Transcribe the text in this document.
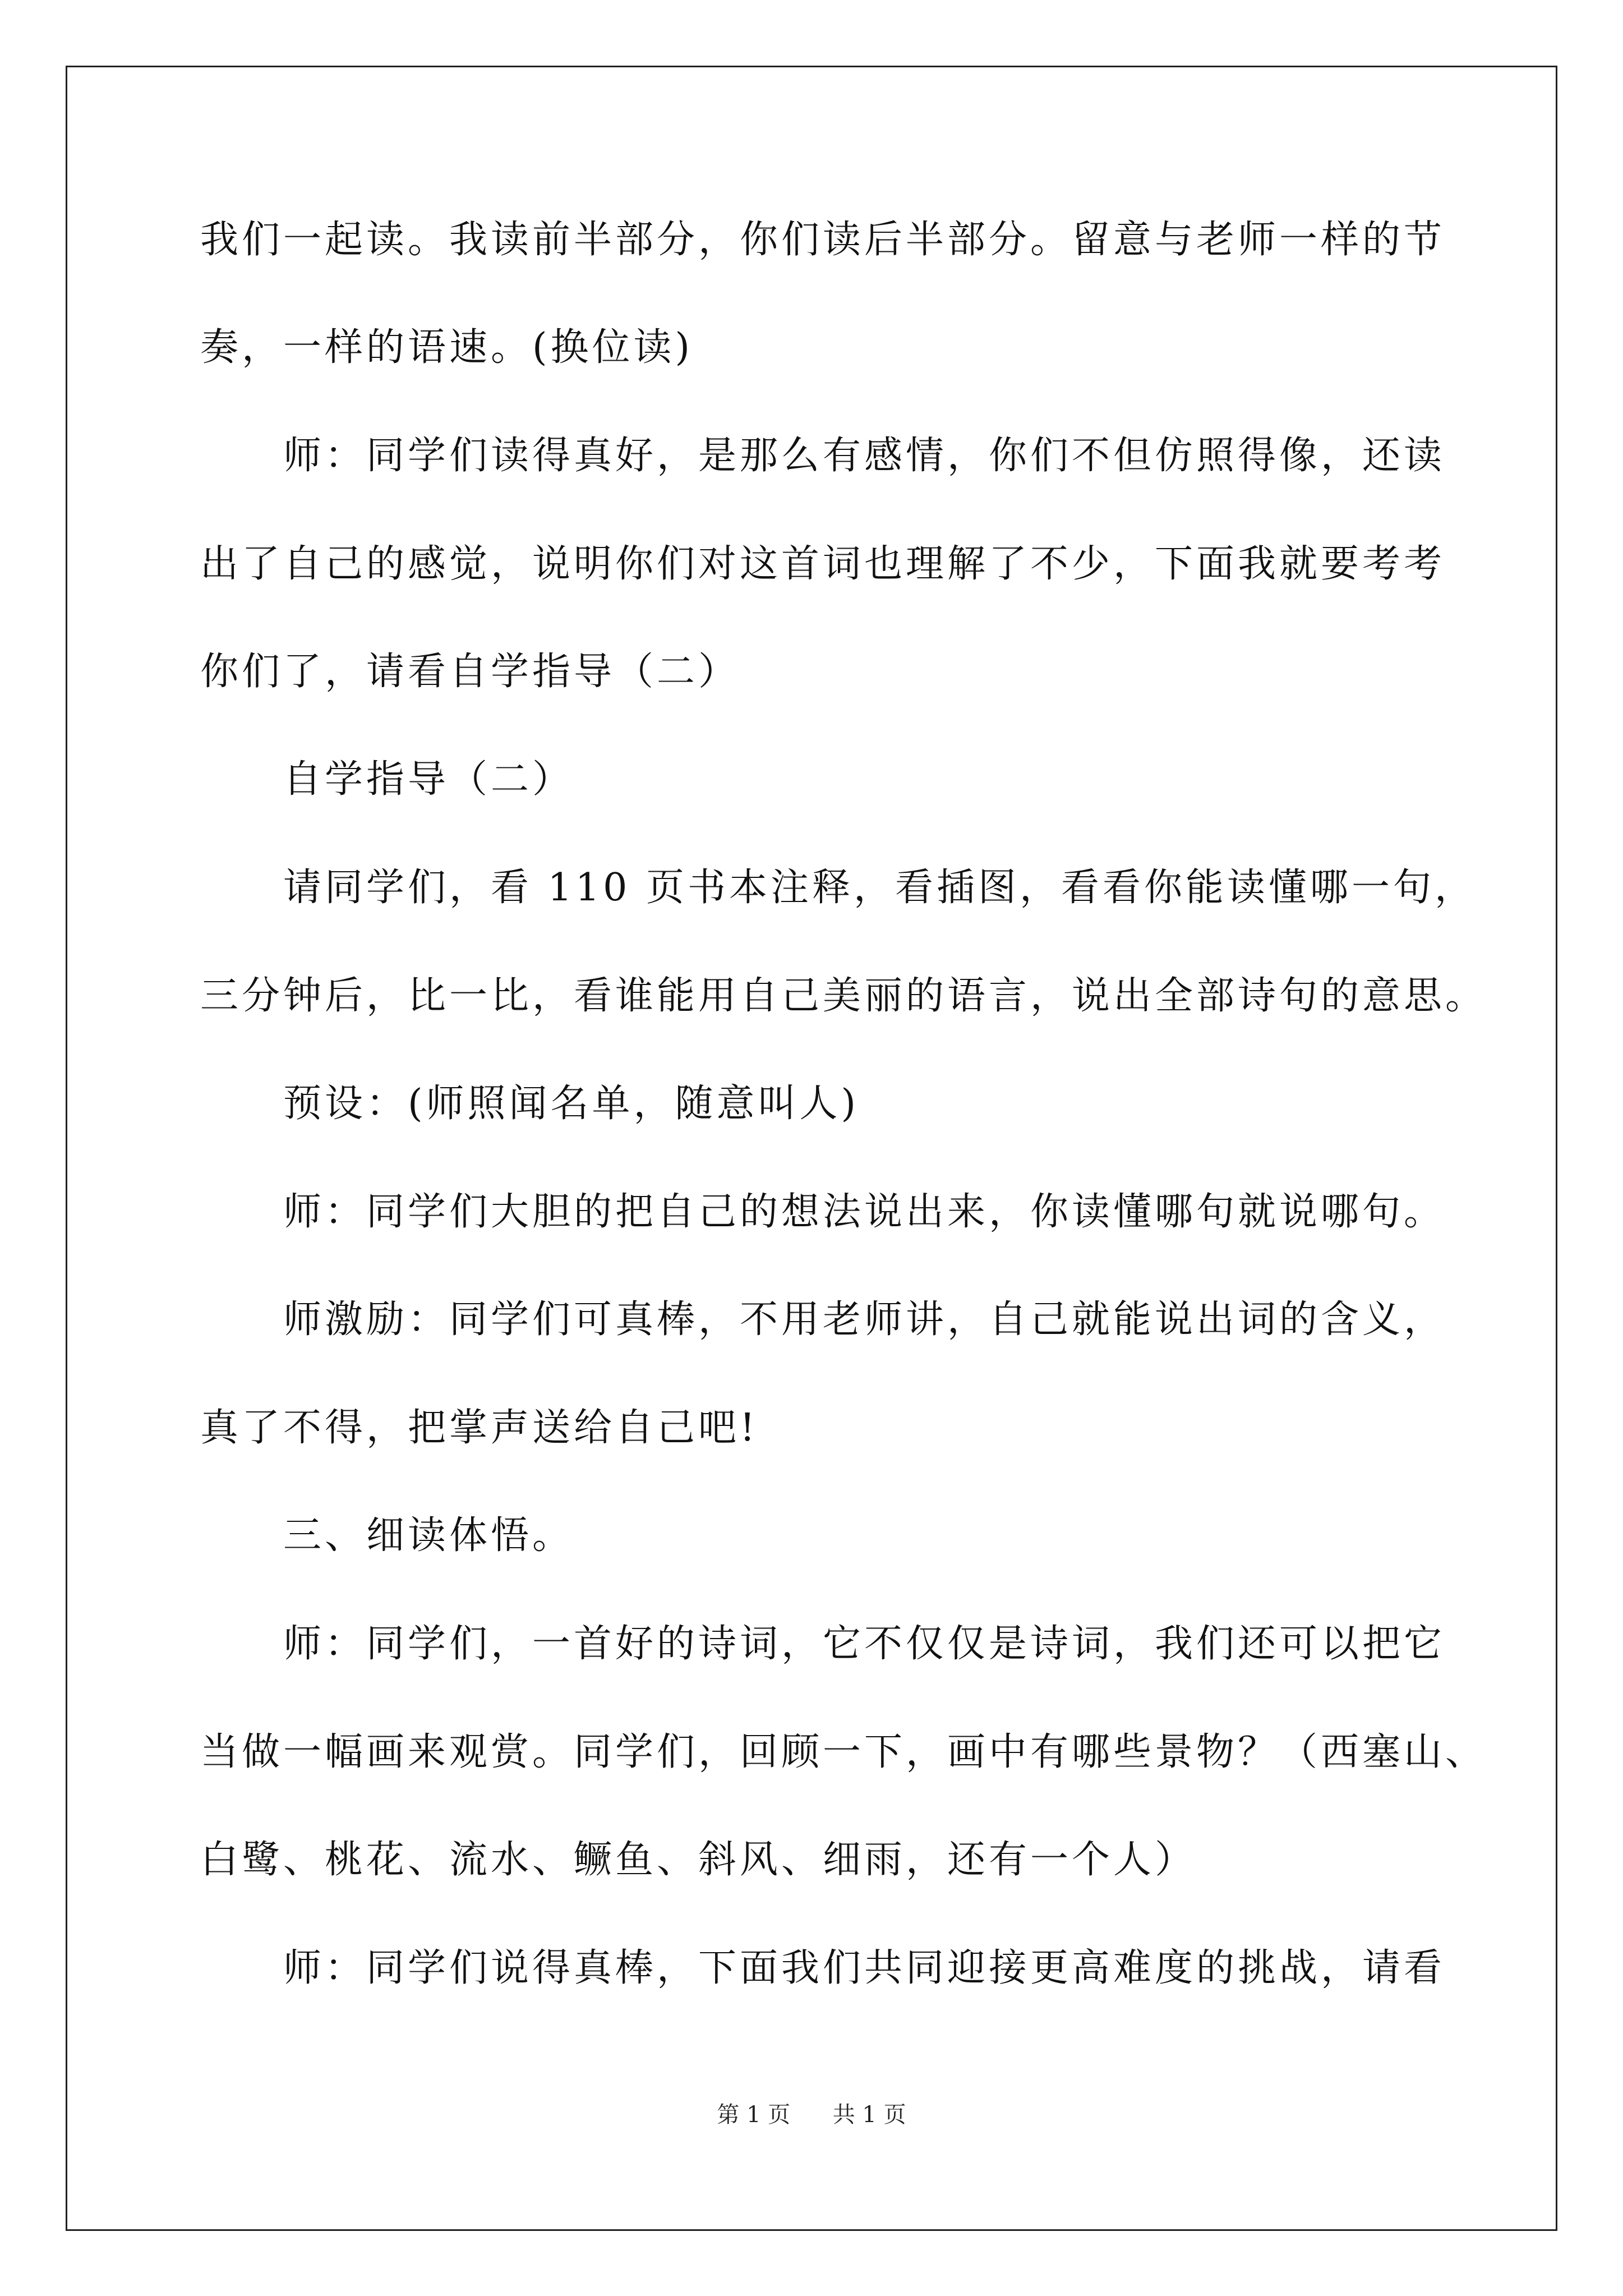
我们一起读。我读前半部分，你们读后半部分。留意与老师一样的节
奏，一样的语速。(换位读)
师：同学们读得真好，是那么有感情，你们不但仿照得像，还读
出了自己的感觉，说明你们对这首词也理解了不少，下面我就要考考
你们了，请看自学指导（二）
自学指导（二）
请同学们，看 110 页书本注释，看插图，看看你能读懂哪一句，
三分钟后，比一比，看谁能用自己美丽的语言，说出全部诗句的意思。
预设：(师照闻名单，随意叫人)
师：同学们大胆的把自己的想法说出来，你读懂哪句就说哪句。
师激励：同学们可真棒，不用老师讲，自己就能说出词的含义，
真了不得，把掌声送给自己吧!
三、细读体悟。
师：同学们，一首好的诗词，它不仅仅是诗词，我们还可以把它
当做一幅画来观赏。同学们，回顾一下，画中有哪些景物？（西塞山、
白鹭、桃花、流水、鳜鱼、斜风、细雨，还有一个人）
师：同学们说得真棒，下面我们共同迎接更高难度的挑战，请看
第 1 页 共 1 页
